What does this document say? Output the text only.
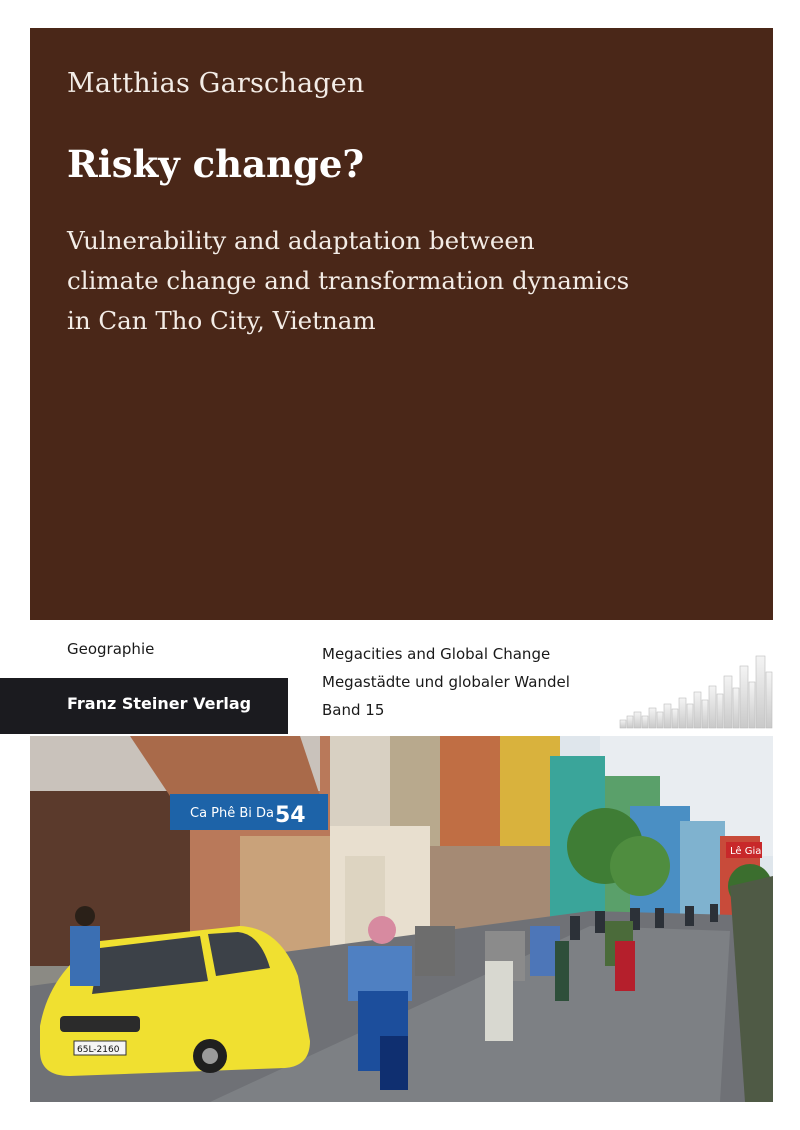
Matthias Garschagen
Risky change?
Vulnerability and adaptation between
climate change and transformation dynamics
in Can Tho City, Vietnam
Geographie	Megacities and Global Change
Megastädte und globaler Wandel
Band 15
Franz Steiner Verlag
Ca Phê Bi Da 54
Lê Gia
65L-2160
